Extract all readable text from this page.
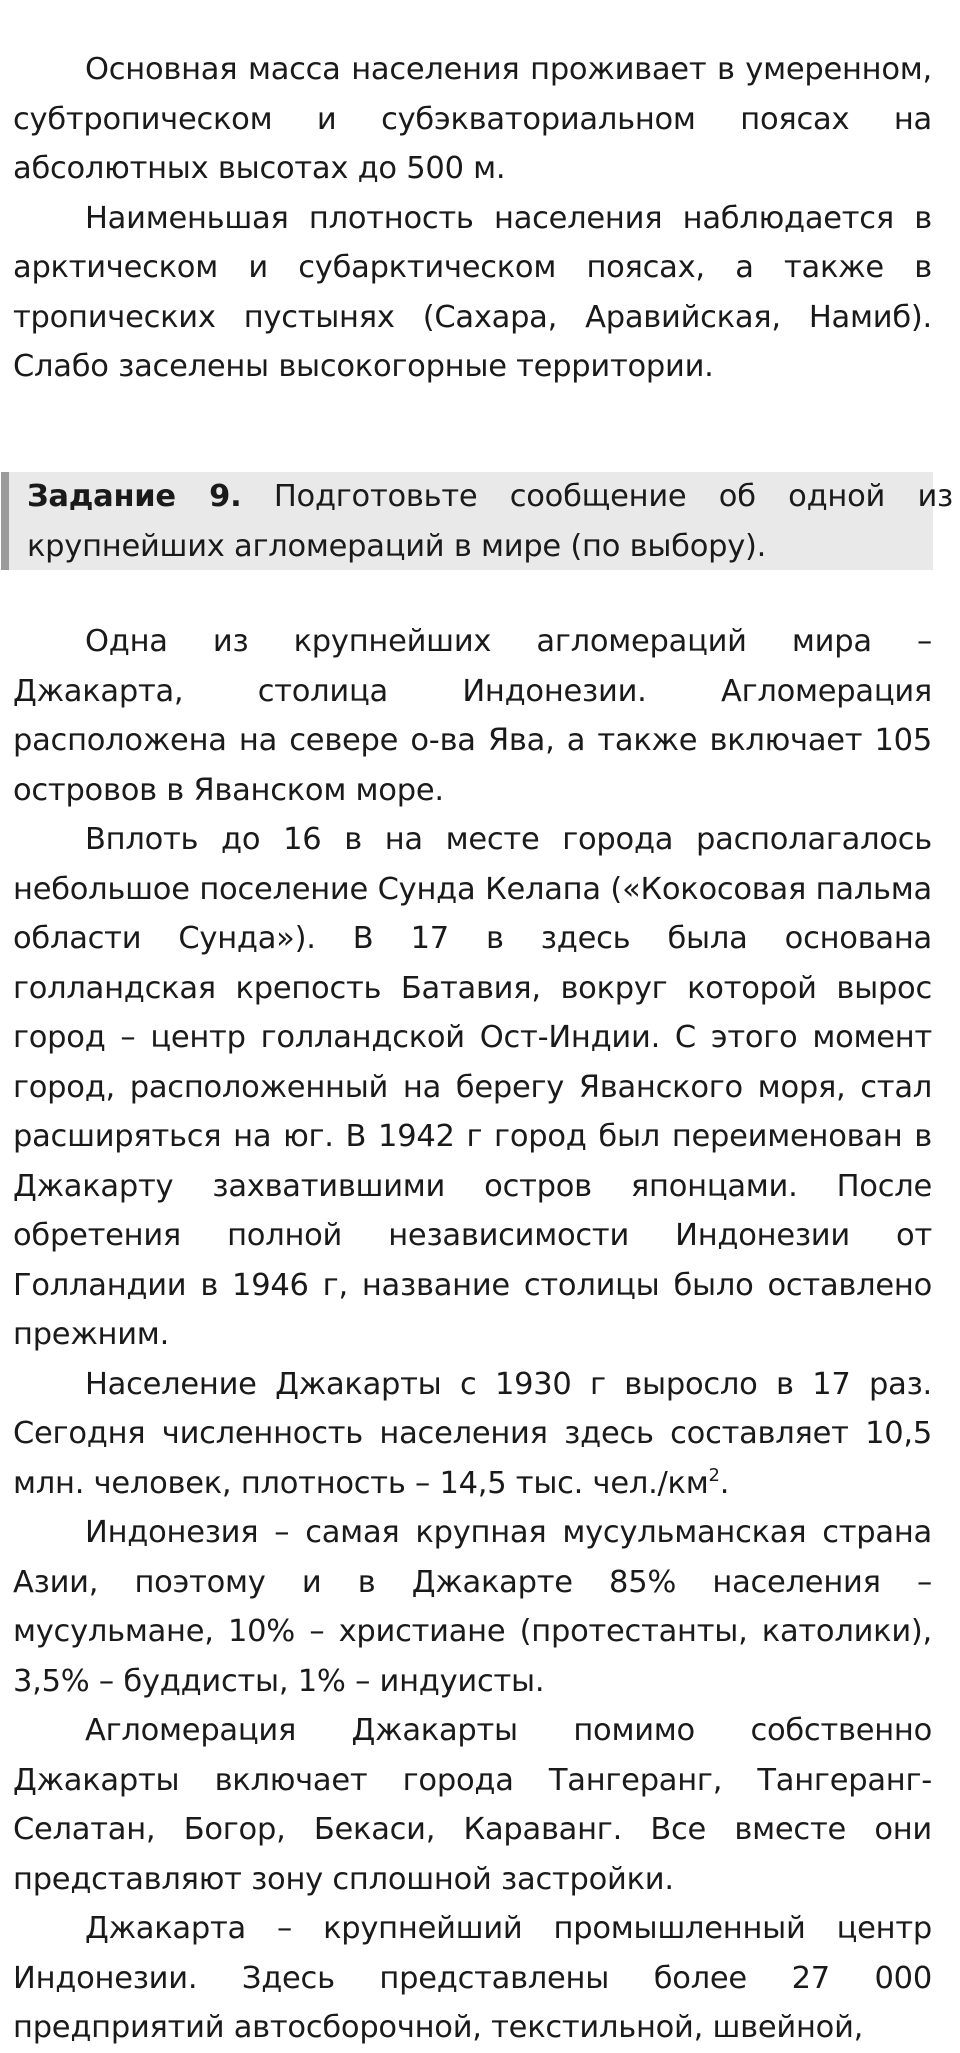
Основная масса населения проживает в умеренном, субтропическом и субэкваториальном поясах на абсолютных высотах до 500 м.

Наименьшая плотность населения наблюдается в арктическом и субарктическом поясах, а также в тропических пустынях (Сахара, Аравийская, Намиб). Слабо заселены высокогорные территории.

Задание 9. Подготовьте сообщение об одной из крупнейших агломераций в мире (по выбору).

Одна из крупнейших агломераций мира – Джакарта, столица Индонезии. Агломерация расположена на севере о-ва Ява, а также включает 105 островов в Яванском море.

Вплоть до 16 в на месте города располагалось небольшое поселение Сунда Келапа («Кокосовая пальма области Сунда»). В 17 в здесь была основана голландская крепость Батавия, вокруг которой вырос город – центр голландской Ост-Индии. С этого момент город, расположенный на берегу Яванского моря, стал расширяться на юг. В 1942 г город был переименован в Джакарту захватившими остров японцами. После обретения полной независимости Индонезии от Голландии в 1946 г, название столицы было оставлено прежним.

Население Джакарты с 1930 г выросло в 17 раз. Сегодня численность населения здесь составляет 10,5 млн. человек, плотность – 14,5 тыс. $чел./км^2$.

Индонезия – самая крупная мусульманская страна Азии, поэтому и в Джакарте 85% населения – мусульмане, 10% – христиане (протестанты, католики), 3,5% – буддисты, 1% – индуисты.

Агломерация Джакарты помимо собственно Джакарты включает города Тангеранг, Тангеранг-Селатан, Богор, Бекаси, Караванг. Все вместе они представляют зону сплошной застройки.

Джакарта – крупнейший промышленный центр Индонезии. Здесь представлены более 27 000 предприятий автосборочной, текстильной, швейной,
